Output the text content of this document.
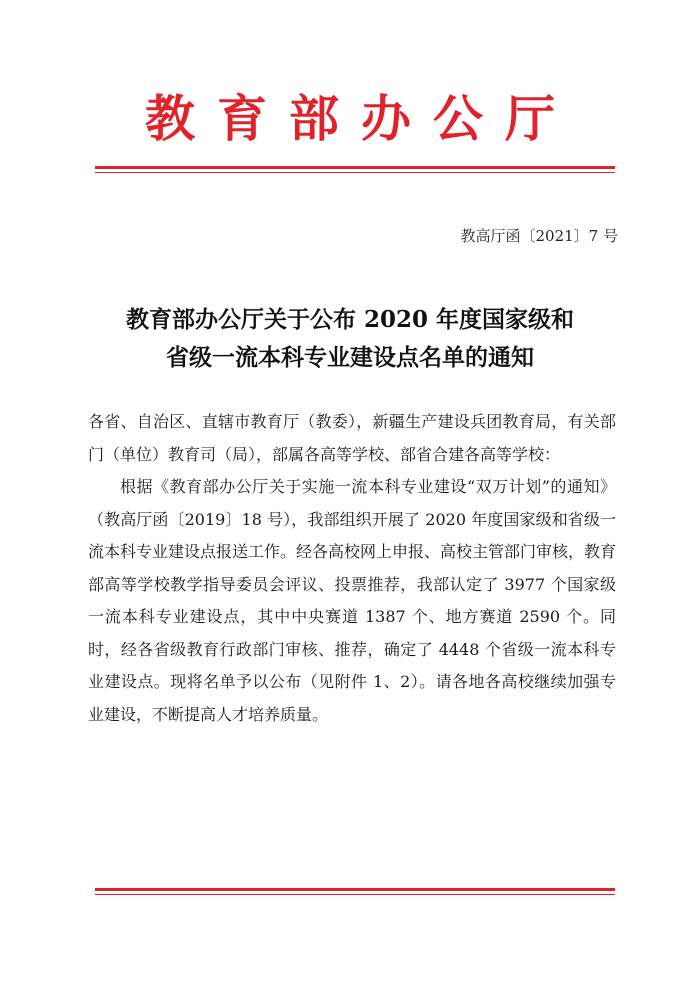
教育部办公厅
教高厅函〔2021〕7 号
教育部办公厅关于公布 2020 年度国家级和
省级一流本科专业建设点名单的通知

各省、自治区、直辖市教育厅（教委），新疆生产建设兵团教育局，有关部门（单位）教育司（局），部属各高等学校、部省合建各高等学校：

根据《教育部办公厅关于实施一流本科专业建设“双万计划”的通知》（教高厅函〔2019〕18 号），我部组织开展了 2020 年度国家级和省级一流本科专业建设点报送工作。经各高校网上申报、高校主管部门审核，教育部高等学校教学指导委员会评议、投票推荐，我部认定了 3977 个国家级一流本科专业建设点，其中中央赛道 1387 个、地方赛道 2590 个。同时，经各省级教育行政部门审核、推荐，确定了 4448 个省级一流本科专业建设点。现将名单予以公布（见附件 1、2）。请各地各高校继续加强专业建设，不断提高人才培养质量。
